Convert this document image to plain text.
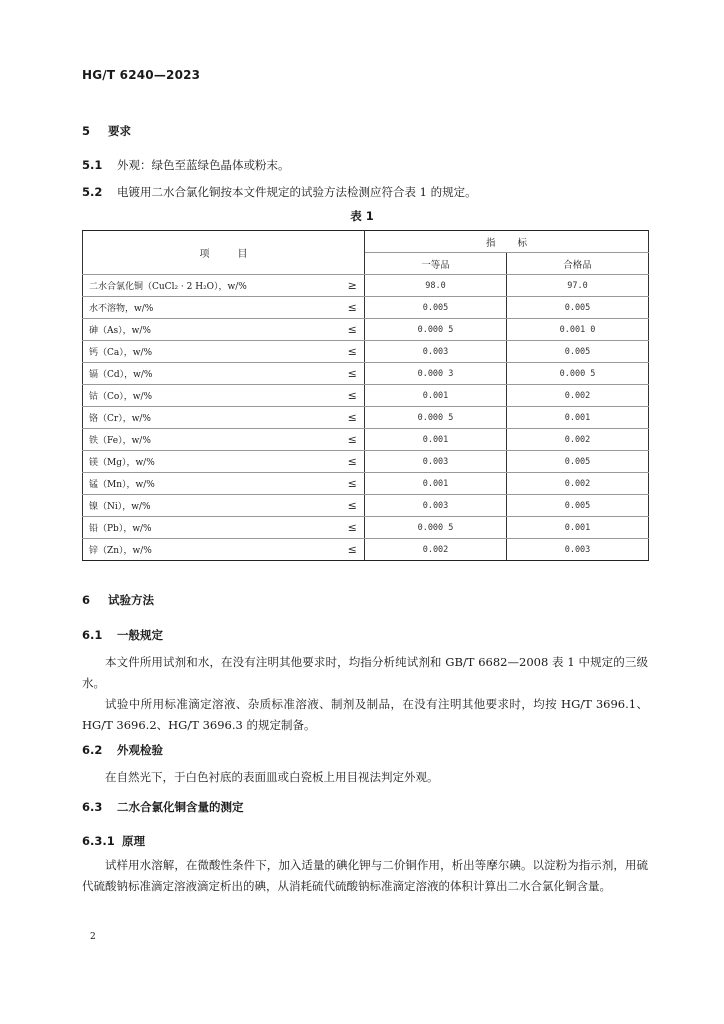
HG/T 6240—2023
5 要求
5.1 外观：绿色至蓝绿色晶体或粉末。
5.2 电镀用二水合氯化铜按本文件规定的试验方法检测应符合表 1 的规定。
表 1
项目		指标	
		一等品	合格品
二水合氯化铜（CuCl₂ · 2 H₂O），w/%	≥	98.0	97.0
水不溶物，w/%	≤	0.005	0.005
砷（As），w/%	≤	0.000 5	0.001 0
钙（Ca），w/%	≤	0.003	0.005
镉（Cd），w/%	≤	0.000 3	0.000 5
钴（Co），w/%	≤	0.001	0.002
铬（Cr），w/%	≤	0.000 5	0.001
铁（Fe），w/%	≤	0.001	0.002
镁（Mg），w/%	≤	0.003	0.005
锰（Mn），w/%	≤	0.001	0.002
镍（Ni），w/%	≤	0.003	0.005
铅（Pb），w/%	≤	0.000 5	0.001
锌（Zn），w/%	≤	0.002	0.003
6 试验方法
6.1 一般规定
本文件所用试剂和水，在没有注明其他要求时，均指分析纯试剂和 GB/T 6682—2008 表 1 中规定的三级水。
试验中所用标准滴定溶液、杂质标准溶液、制剂及制品，在没有注明其他要求时，均按 HG/T 3696.1、HG/T 3696.2、HG/T 3696.3 的规定制备。
6.2 外观检验
在自然光下，于白色衬底的表面皿或白瓷板上用目视法判定外观。
6.3 二水合氯化铜含量的测定
6.3.1 原理
试样用水溶解，在微酸性条件下，加入适量的碘化钾与二价铜作用，析出等摩尔碘。以淀粉为指示剂，用硫代硫酸钠标准滴定溶液滴定析出的碘，从消耗硫代硫酸钠标准滴定溶液的体积计算出二水合氯化铜含量。
2
